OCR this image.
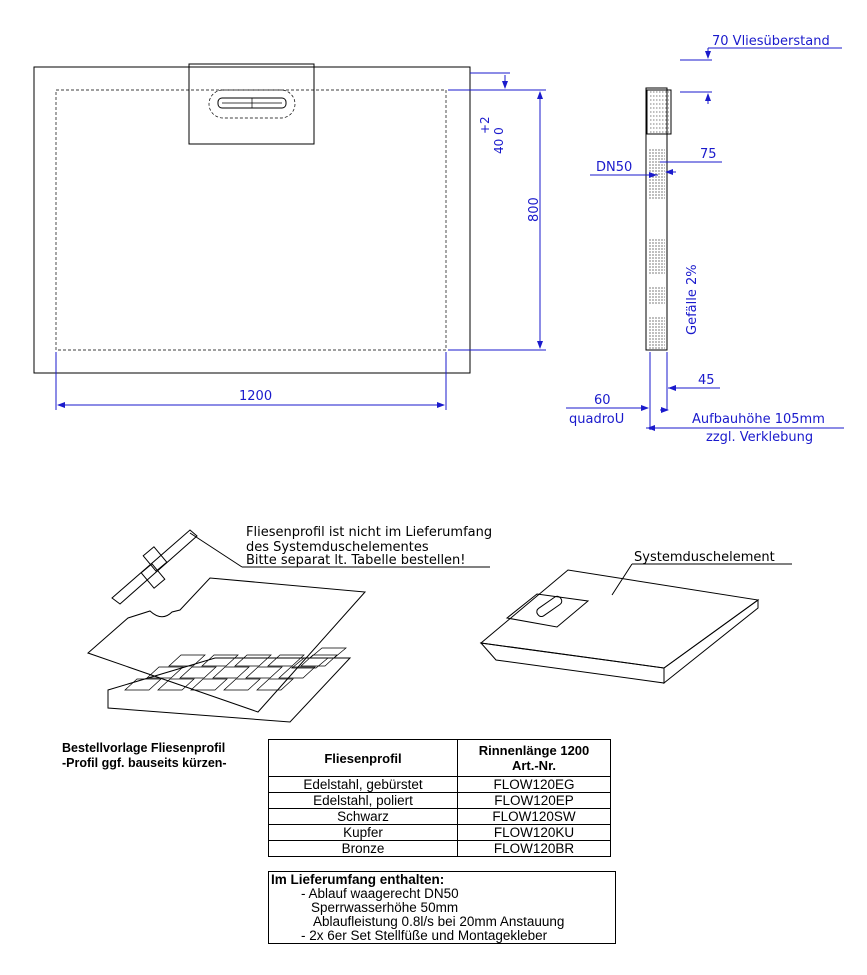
1200
800
+2
40 0
70 Vliesüberstand
DN50
75
Gefälle 2%
45
60
quadroU	Aufbauhöhe 105mm
zzgl. Verklebung
Fliesenprofil ist nicht im Lieferumfang
des Systemduschelementes
Bitte separat lt. Tabelle bestellen!	Systemduschelement
Bestellvorlage Fliesenprofil
-Profil ggf. bauseits kürzen-	Fliesenprofil	Rinnenlänge 1200
Art.-Nr.
Edelstahl, gebürstet	FLOW120EG
Edelstahl, poliert	FLOW120EP
Schwarz	FLOW120SW
Kupfer	FLOW120KU
Bronze	FLOW120BR
Im Lieferumfang enthalten:
- Ablauf waagerecht DN50
Sperrwasserhöhe 50mm
Ablaufleistung 0.8l/s bei 20mm Anstauung
- 2x 6er Set Stellfüße und Montagekleber
